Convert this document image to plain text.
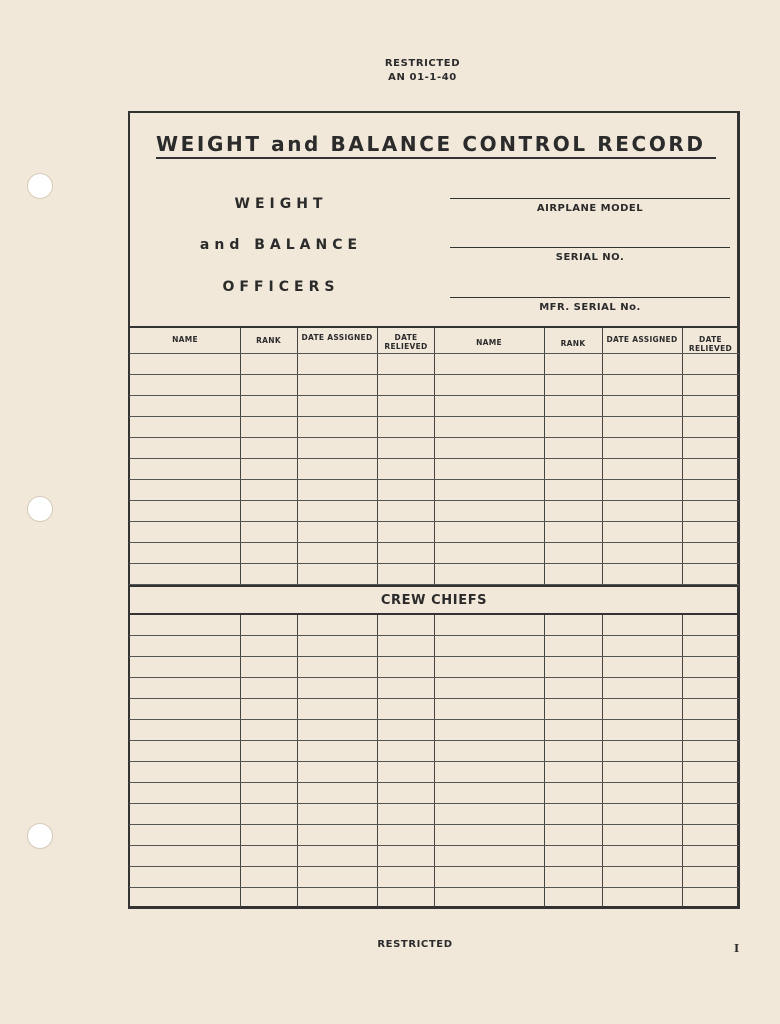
RESTRICTED
AN 01-1-40
WEIGHT and BALANCE CONTROL RECORD
WEIGHT
and BALANCE
OFFICERS
AIRPLANE MODEL
SERIAL NO.
MFR. SERIAL No.
NAME	RANK	DATE ASSIGNED	DATE RELIEVED	NAME	RANK	DATE ASSIGNED	DATE RELIEVED
CREW CHIEFS
RESTRICTED	I
